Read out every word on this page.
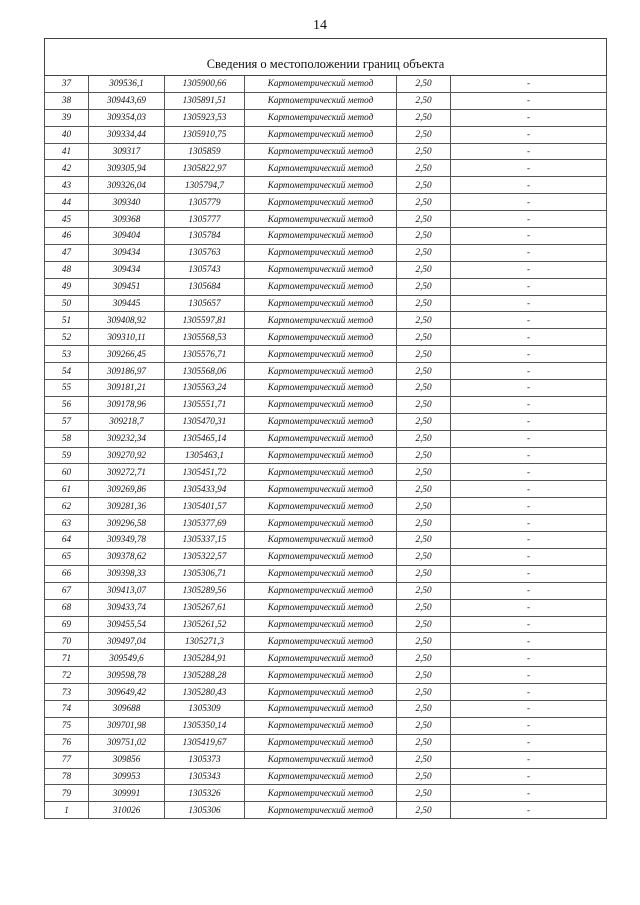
14
Сведения о местоположении границ объекта					
37	309536,1	1305900,66	Картометрический метод	2,50	-
38	309443,69	1305891,51	Картометрический метод	2,50	-
39	309354,03	1305923,53	Картометрический метод	2,50	-
40	309334,44	1305910,75	Картометрический метод	2,50	-
41	309317	1305859	Картометрический метод	2,50	-
42	309305,94	1305822,97	Картометрический метод	2,50	-
43	309326,04	1305794,7	Картометрический метод	2,50	-
44	309340	1305779	Картометрический метод	2,50	-
45	309368	1305777	Картометрический метод	2,50	-
46	309404	1305784	Картометрический метод	2,50	-
47	309434	1305763	Картометрический метод	2,50	-
48	309434	1305743	Картометрический метод	2,50	-
49	309451	1305684	Картометрический метод	2,50	-
50	309445	1305657	Картометрический метод	2,50	-
51	309408,92	1305597,81	Картометрический метод	2,50	-
52	309310,11	1305568,53	Картометрический метод	2,50	-
53	309266,45	1305576,71	Картометрический метод	2,50	-
54	309186,97	1305568,06	Картометрический метод	2,50	-
55	309181,21	1305563,24	Картометрический метод	2,50	-
56	309178,96	1305551,71	Картометрический метод	2,50	-
57	309218,7	1305470,31	Картометрический метод	2,50	-
58	309232,34	1305465,14	Картометрический метод	2,50	-
59	309270,92	1305463,1	Картометрический метод	2,50	-
60	309272,71	1305451,72	Картометрический метод	2,50	-
61	309269,86	1305433,94	Картометрический метод	2,50	-
62	309281,36	1305401,57	Картометрический метод	2,50	-
63	309296,58	1305377,69	Картометрический метод	2,50	-
64	309349,78	1305337,15	Картометрический метод	2,50	-
65	309378,62	1305322,57	Картометрический метод	2,50	-
66	309398,33	1305306,71	Картометрический метод	2,50	-
67	309413,07	1305289,56	Картометрический метод	2,50	-
68	309433,74	1305267,61	Картометрический метод	2,50	-
69	309455,54	1305261,52	Картометрический метод	2,50	-
70	309497,04	1305271,3	Картометрический метод	2,50	-
71	309549,6	1305284,91	Картометрический метод	2,50	-
72	309598,78	1305288,28	Картометрический метод	2,50	-
73	309649,42	1305280,43	Картометрический метод	2,50	-
74	309688	1305309	Картометрический метод	2,50	-
75	309701,98	1305350,14	Картометрический метод	2,50	-
76	309751,02	1305419,67	Картометрический метод	2,50	-
77	309856	1305373	Картометрический метод	2,50	-
78	309953	1305343	Картометрический метод	2,50	-
79	309991	1305326	Картометрический метод	2,50	-
1	310026	1305306	Картометрический метод	2,50	-
